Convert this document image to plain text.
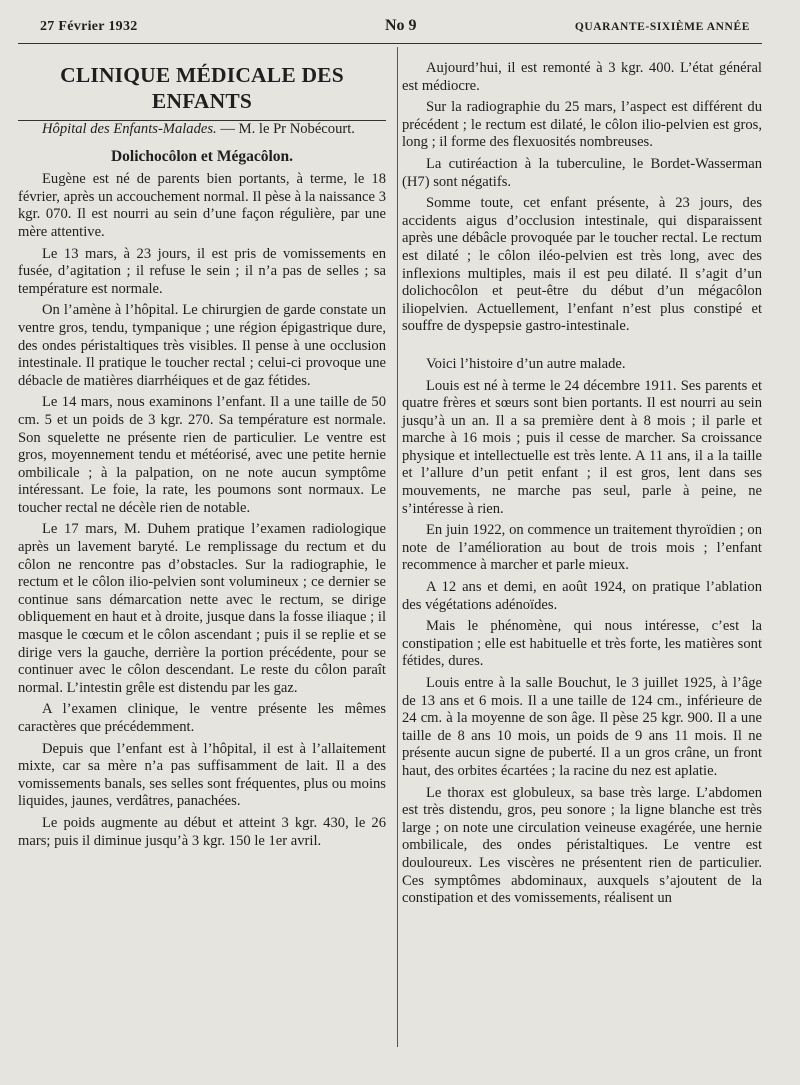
27 Février 1932	No 9	QUARANTE-SIXIÈME ANNÉE
CLINIQUE MÉDICALE DES ENFANTS

Hôpital des Enfants-Malades. — M. le Pr Nobécourt.

Dolichocôlon et Mégacôlon.

Eugène est né de parents bien portants, à terme, le 18 février, après un accouchement normal. Il pèse à la naissance 3 kgr. 070. Il est nourri au sein d’une façon régulière, par une mère attentive.

Le 13 mars, à 23 jours, il est pris de vomissements en fusée, d’agitation ; il refuse le sein ; il n’a pas de selles ; sa température est normale.

On l’amène à l’hôpital. Le chirurgien de garde constate un ventre gros, tendu, tympanique ; une région épigastrique dure, des ondes péristaltiques très visibles. Il pense à une occlusion intestinale. Il pratique le toucher rectal ; celui-ci provoque une débacle de matières diarrhéiques et de gaz fétides.

Le 14 mars, nous examinons l’enfant. Il a une taille de 50 cm. 5 et un poids de 3 kgr. 270. Sa température est normale. Son squelette ne présente rien de particulier. Le ventre est gros, moyennement tendu et météorisé, avec une petite hernie ombilicale ; à la palpation, on ne note aucun symptôme intéressant. Le foie, la rate, les poumons sont normaux. Le toucher rectal ne décèle rien de notable.

Le 17 mars, M. Duhem pratique l’examen radiologique après un lavement baryté. Le remplissage du rectum et du côlon ne rencontre pas d’obstacles. Sur la radiographie, le rectum et le côlon ilio-pelvien sont volumineux ; ce dernier se continue sans démarcation nette avec le rectum, se dirige obliquement en haut et à droite, jusque dans la fosse iliaque ; il masque le cœcum et le côlon ascendant ; puis il se replie et se dirige vers la gauche, derrière la portion précédente, pour se continuer avec le côlon descendant. Le reste du côlon paraît normal. L’intestin grêle est distendu par les gaz.

A l’examen clinique, le ventre présente les mêmes caractères que précédemment.

Depuis que l’enfant est à l’hôpital, il est à l’allaitement mixte, car sa mère n’a pas suffisamment de lait. Il a des vomissements banals, ses selles sont fréquentes, plus ou moins liquides, jaunes, verdâtres, panachées.

Le poids augmente au début et atteint 3 kgr. 430, le 26 mars; puis il diminue jusqu’à 3 kgr. 150 le 1er avril.

Aujourd’hui, il est remonté à 3 kgr. 400. L’état général est médiocre.

Sur la radiographie du 25 mars, l’aspect est différent du précédent ; le rectum est dilaté, le côlon ilio-pelvien est gros, long ; il forme des flexuosités nombreuses.

La cutiréaction à la tuberculine, le Bordet-Wasserman (H7) sont négatifs.

Somme toute, cet enfant présente, à 23 jours, des accidents aigus d’occlusion intestinale, qui disparaissent après une débâcle provoquée par le toucher rectal. Le rectum est dilaté ; le côlon iléo-pelvien est très long, avec des inflexions multiples, mais il est peu dilaté. Il s’agit d’un dolichocôlon et peut-être du début d’un mégacôlon iliopelvien. Actuellement, l’enfant n’est plus constipé et souffre de dyspepsie gastro-intestinale.

Voici l’histoire d’un autre malade.

Louis est né à terme le 24 décembre 1911. Ses parents et quatre frères et sœurs sont bien portants. Il est nourri au sein jusqu’à un an. Il a sa première dent à 8 mois ; il parle et marche à 16 mois ; puis il cesse de marcher. Sa croissance physique et intellectuelle est très lente. A 11 ans, il a la taille et l’allure d’un petit enfant ; il est gros, lent dans ses mouvements, ne marche pas seul, parle à peine, ne s’intéresse à rien.

En juin 1922, on commence un traitement thyroïdien ; on note de l’amélioration au bout de trois mois ; l’enfant recommence à marcher et parle mieux.

A 12 ans et demi, en août 1924, on pratique l’ablation des végétations adénoïdes.

Mais le phénomène, qui nous intéresse, c’est la constipation ; elle est habituelle et très forte, les matières sont fétides, dures.

Louis entre à la salle Bouchut, le 3 juillet 1925, à l’âge de 13 ans et 6 mois. Il a une taille de 124 cm., inférieure de 24 cm. à la moyenne de son âge. Il pèse 25 kgr. 900. Il a une taille de 8 ans 10 mois, un poids de 9 ans 11 mois. Il ne présente aucun signe de puberté. Il a un gros crâne, un front haut, des orbites écartées ; la racine du nez est aplatie.

Le thorax est globuleux, sa base très large. L’abdomen est très distendu, gros, peu sonore ; la ligne blanche est très large ; on note une circulation veineuse exagérée, une hernie ombilicale, des ondes péristaltiques. Le ventre est douloureux. Les viscères ne présentent rien de particulier. Ces symptômes abdominaux, auxquels s’ajoutent de la constipation et des vomissements, réalisent un
